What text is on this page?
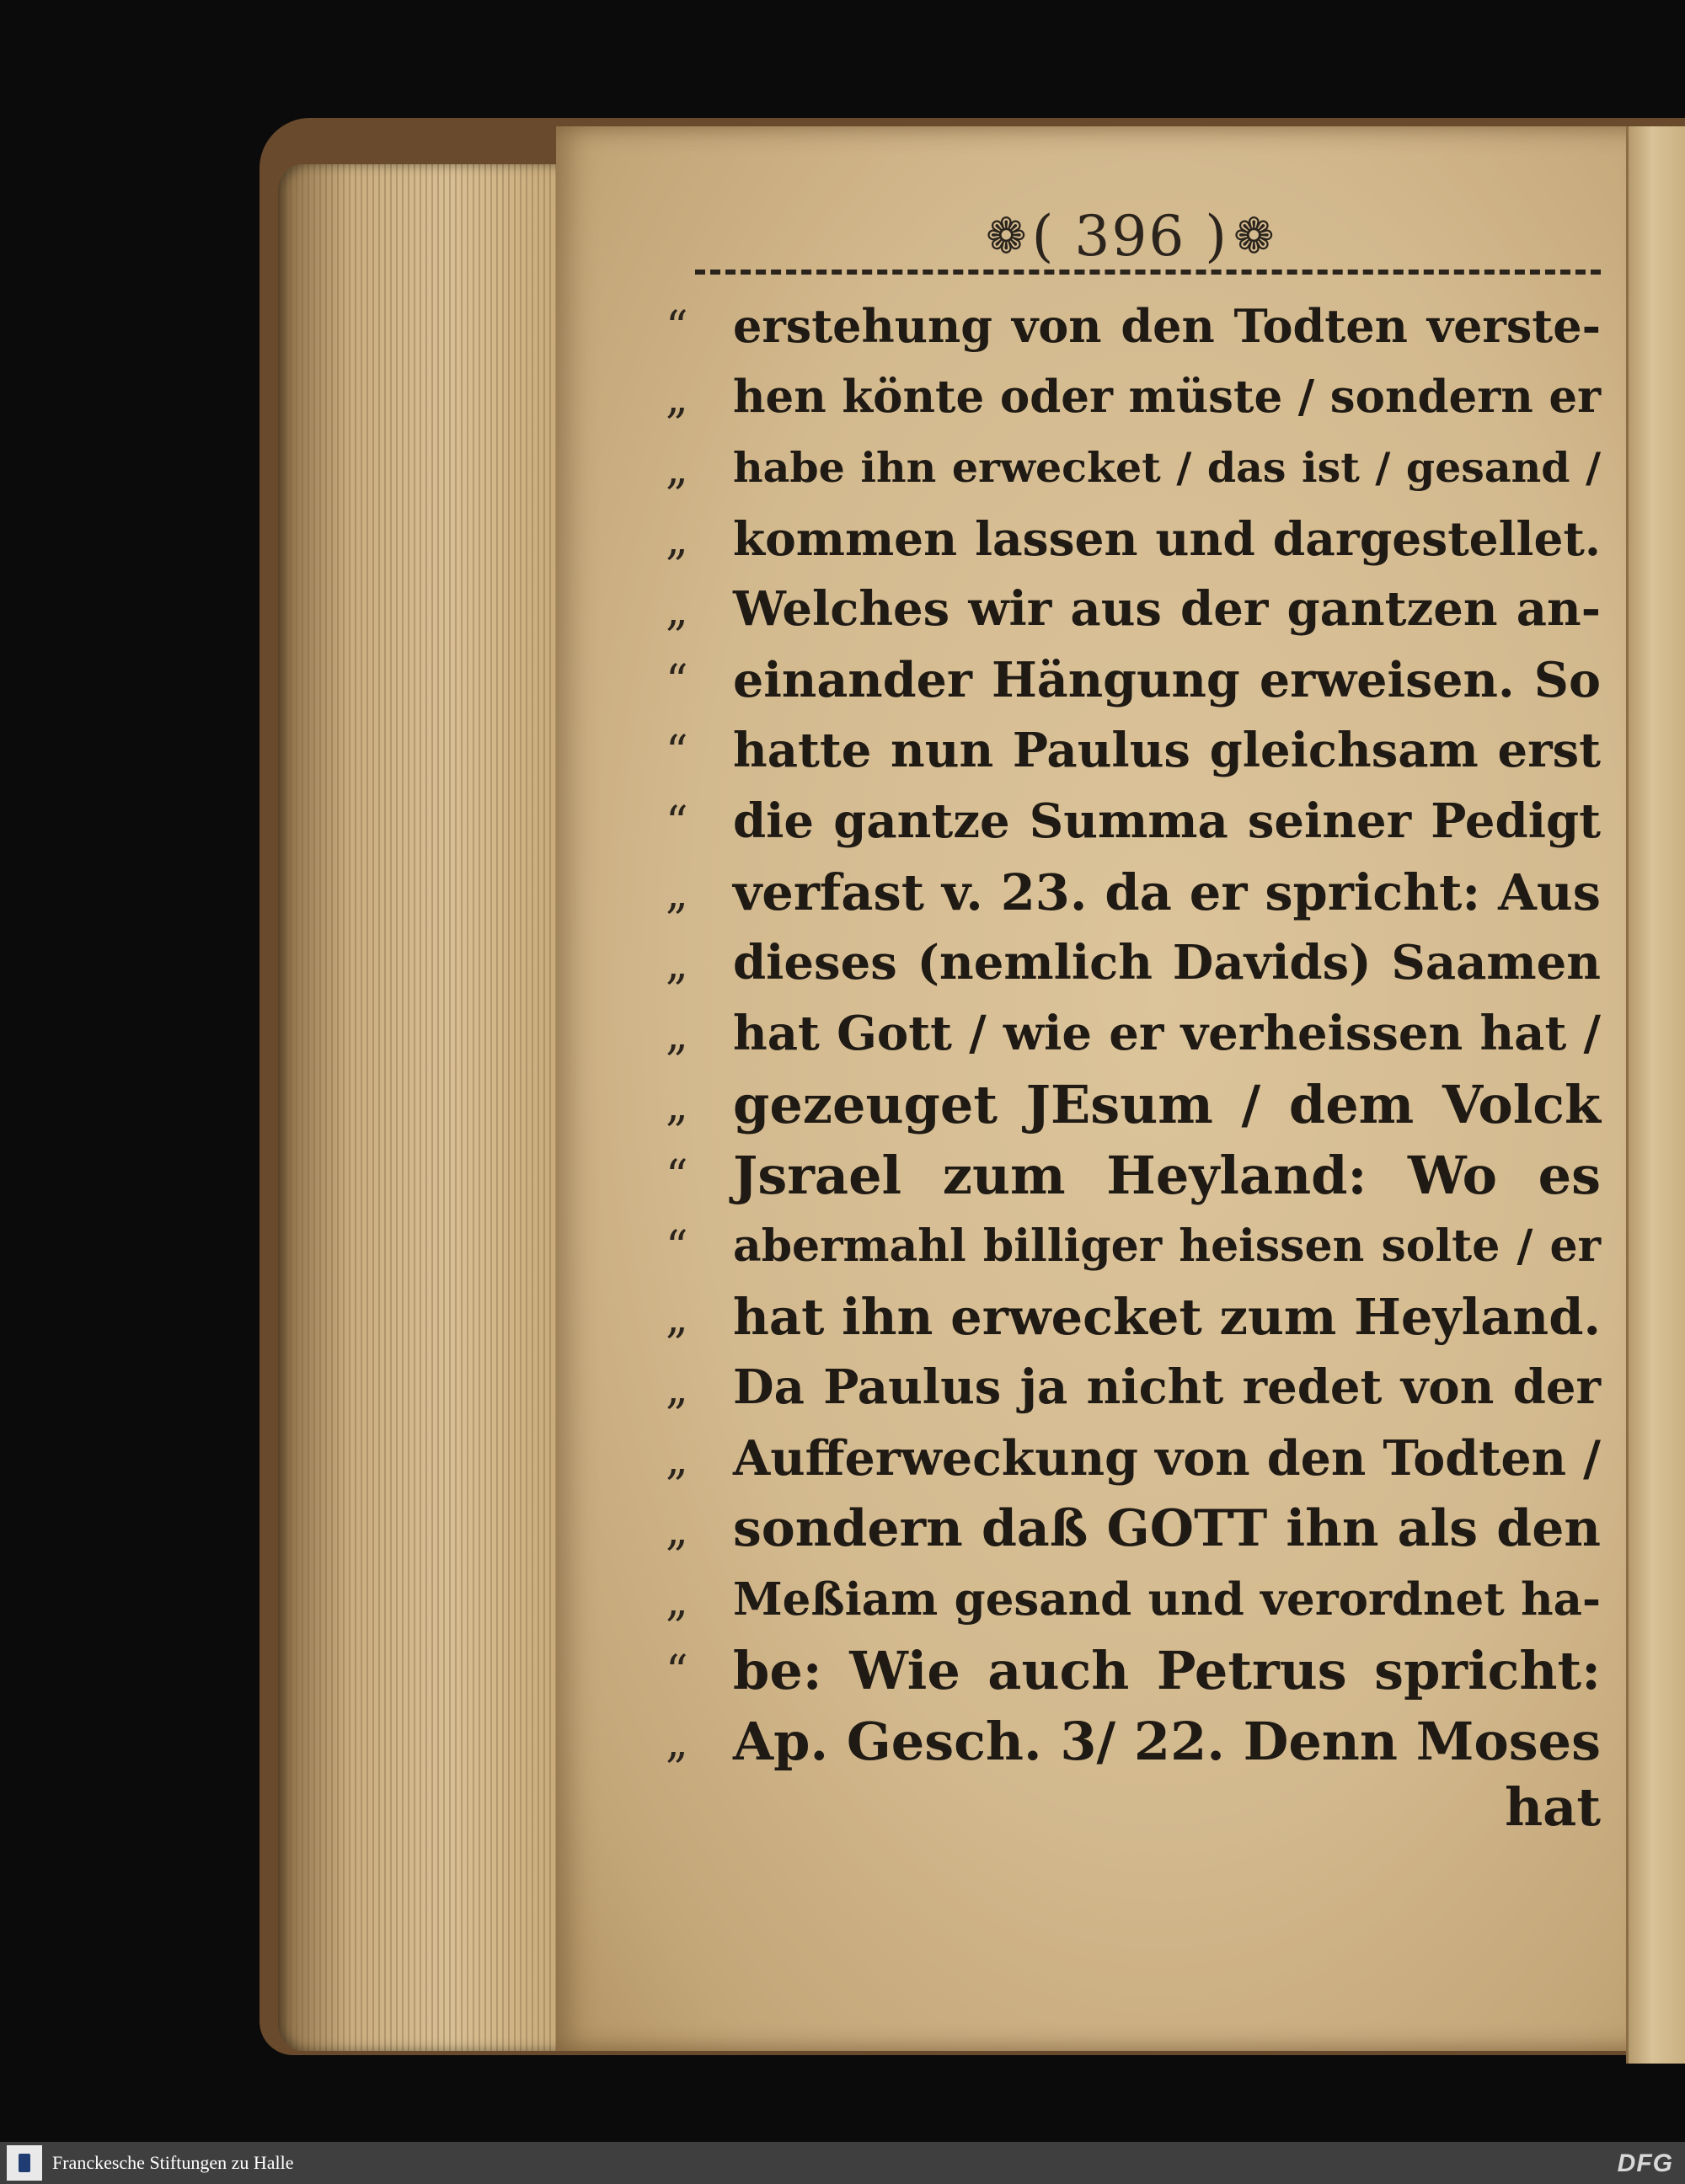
❁ ( 396 ) ❁
“ erstehung von den Todten verste-
„	hen könte oder müste / sondern er
„	habe ihn erwecket / das ist / gesand /
„ kommen lassen und dargestellet.
„ Welches wir aus der gantzen an-
“ einander Hängung erweisen. So
“ hatte nun Paulus gleichsam erst
“ die gantze Summa seiner Pedigt
„ verfast v. 23. da er spricht: Aus
„ dieses (nemlich Davids) Saamen
„ hat Gott / wie er verheissen hat /
„ gezeuget JEsum / dem Volck
“ Jsrael zum Heyland: Wo es
“	abermahl billiger heissen solte / er
„ hat ihn erwecket zum Heyland.
„ Da Paulus ja nicht redet von der
„ Aufferweckung von den Todten /
„ sondern daß GOTT ihn als den
„	Meßiam gesand und verordnet ha-
“ be: Wie auch Petrus spricht:
„ Ap. Gesch. 3/ 22. Denn Moses
hat
Franckesche Stiftungen zu Halle	DFG
